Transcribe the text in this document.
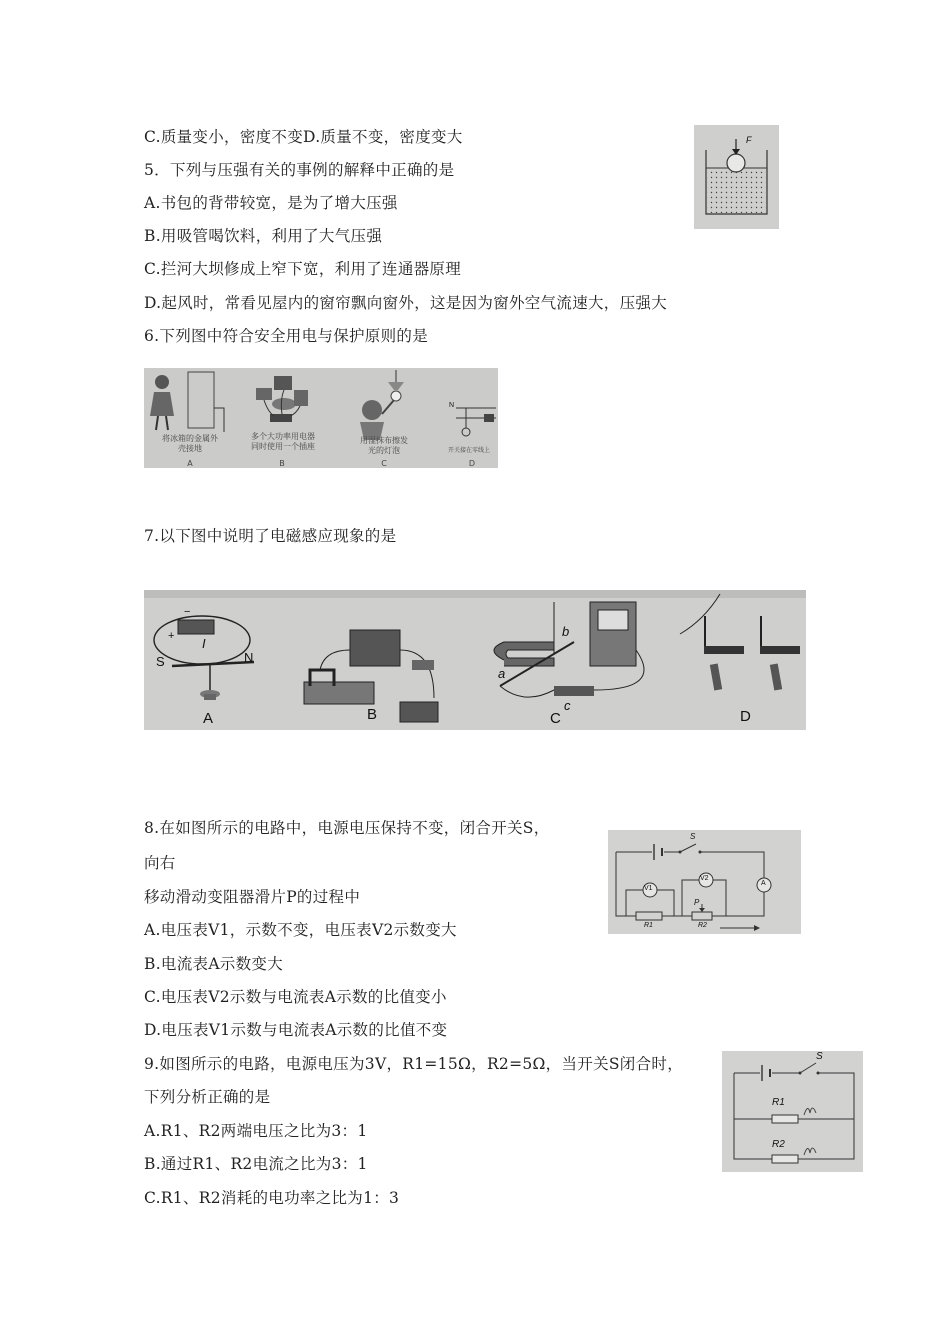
C.质量变小，密度不变D.质量不变，密度变大
5．下列与压强有关的事例的解释中正确的是
A.书包的背带较宽，是为了增大压强
B.用吸管喝饮料，利用了大气压强
C.拦河大坝修成上窄下宽，利用了连通器原理
D.起风时，常看见屋内的窗帘飘向窗外，这是因为窗外空气流速大，压强大
6.下列图中符合安全用电与保护原则的是
7.以下图中说明了电磁感应现象的是
8.在如图所示的电路中，电源电压保持不变，闭合开关S，
向右
移动滑动变阻器滑片P的过程中
A.电压表V1，示数不变，电压表V2示数变大
B.电流表A示数变大
C.电压表V2示数与电流表A示数的比值变小
D.电压表V1示数与电流表A示数的比值不变
9.如图所示的电路，电源电压为3V，R1=15Ω，R2=5Ω，当开关S闭合时，
下列分析正确的是
A.R1、R2两端电压之比为3：1
B.通过R1、R2电流之比为3：1
C.R1、R2消耗的电功率之比为1：3
F
N
将冰箱的金属外壳接地
多个大功率用电器同时使用一个插座
用湿抹布擦发光的灯泡	开关接在零线上
A	B	C	D
+
−
I
S	N
a
b
c
A	B	C	D
S
V1
V2
A
P
R1	R2
S
R1
R2
